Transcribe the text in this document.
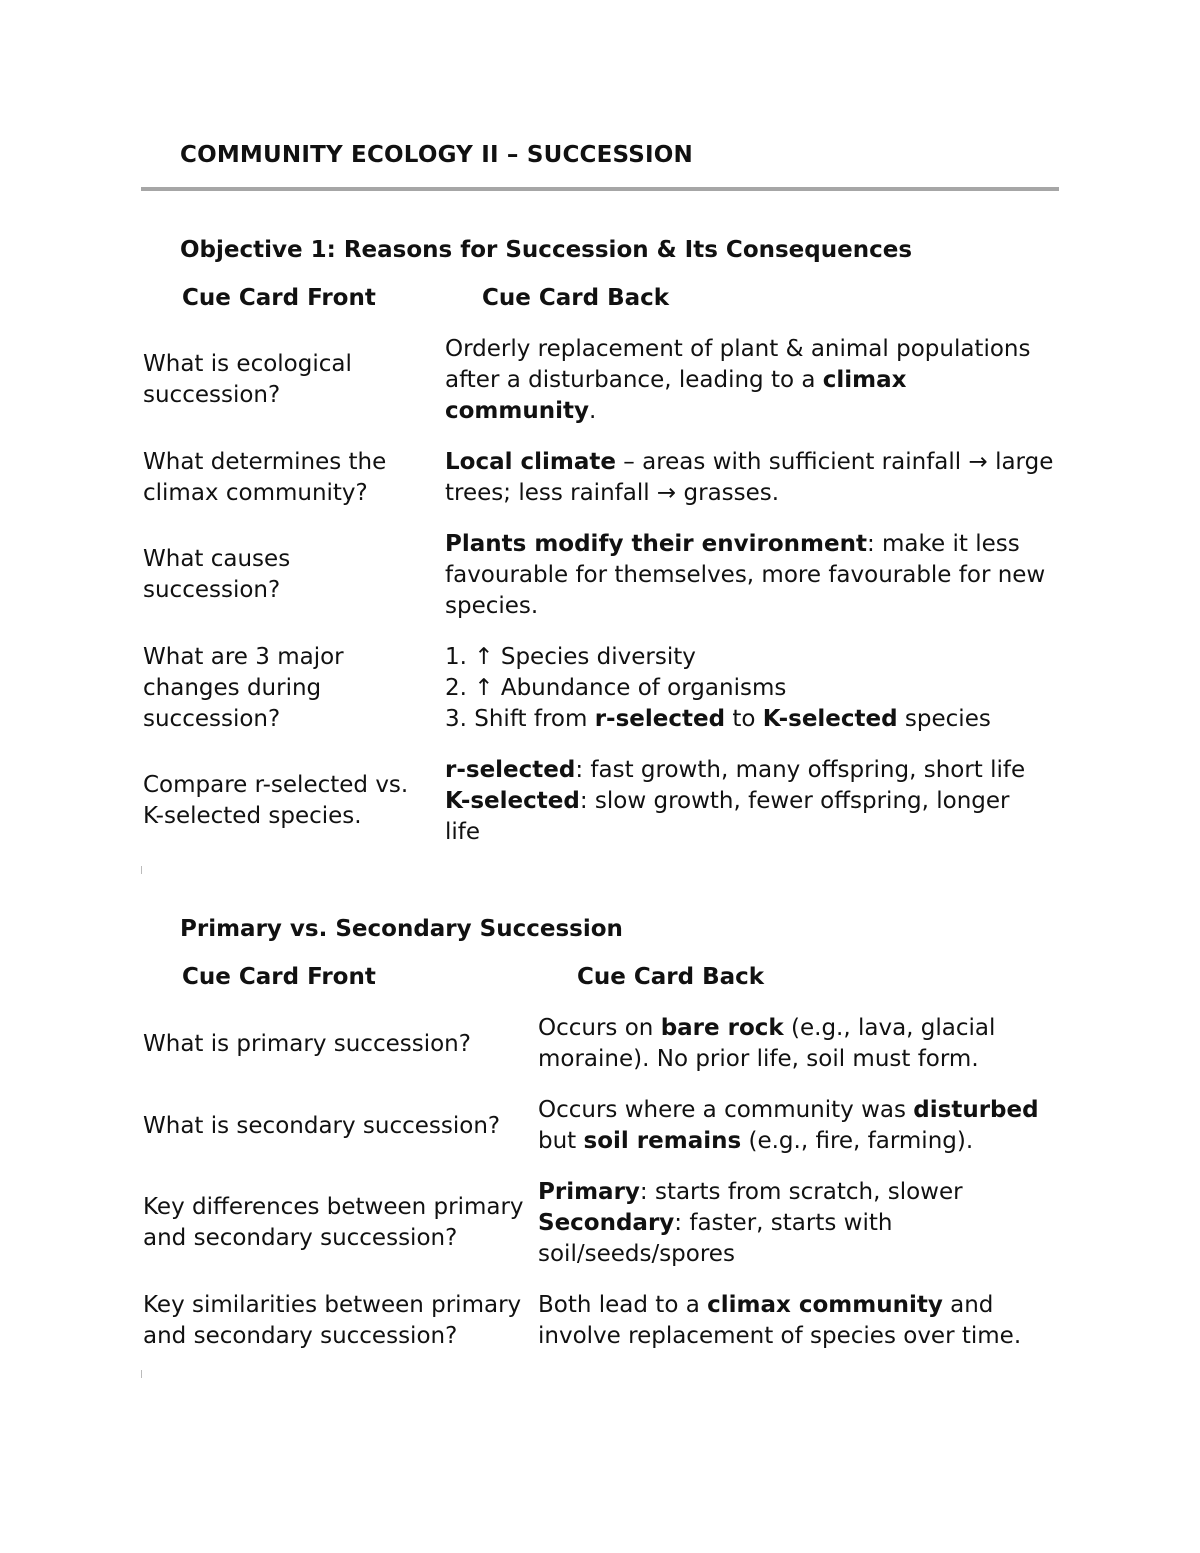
COMMUNITY ECOLOGY II – SUCCESSION
Objective 1: Reasons for Succession & Its Consequences
Cue Card Front	Cue Card Back
What is ecological succession?
Orderly replacement of plant & animal populations after a disturbance, leading to a climax community.
What determines the climax community?
Local climate – areas with sufficient rainfall → large trees; less rainfall → grasses.
What causes succession?
Plants modify their environment: make it less favourable for themselves, more favourable for new species.
What are 3 major changes during succession?
1. ↑ Species diversity
2. ↑ Abundance of organisms
3. Shift from r-selected to K-selected species
Compare r-selected vs. K-selected species.
r-selected: fast growth, many offspring, short life
K-selected: slow growth, fewer offspring, longer life
Primary vs. Secondary Succession
Cue Card Front	Cue Card Back
What is primary succession?
Occurs on bare rock (e.g., lava, glacial moraine). No prior life, soil must form.
What is secondary succession?
Occurs where a community was disturbed but soil remains (e.g., fire, farming).
Key differences between primary and secondary succession?
Primary: starts from scratch, slower
Secondary: faster, starts with soil/seeds/spores
Key similarities between primary and secondary succession?
Both lead to a climax community and involve replacement of species over time.
